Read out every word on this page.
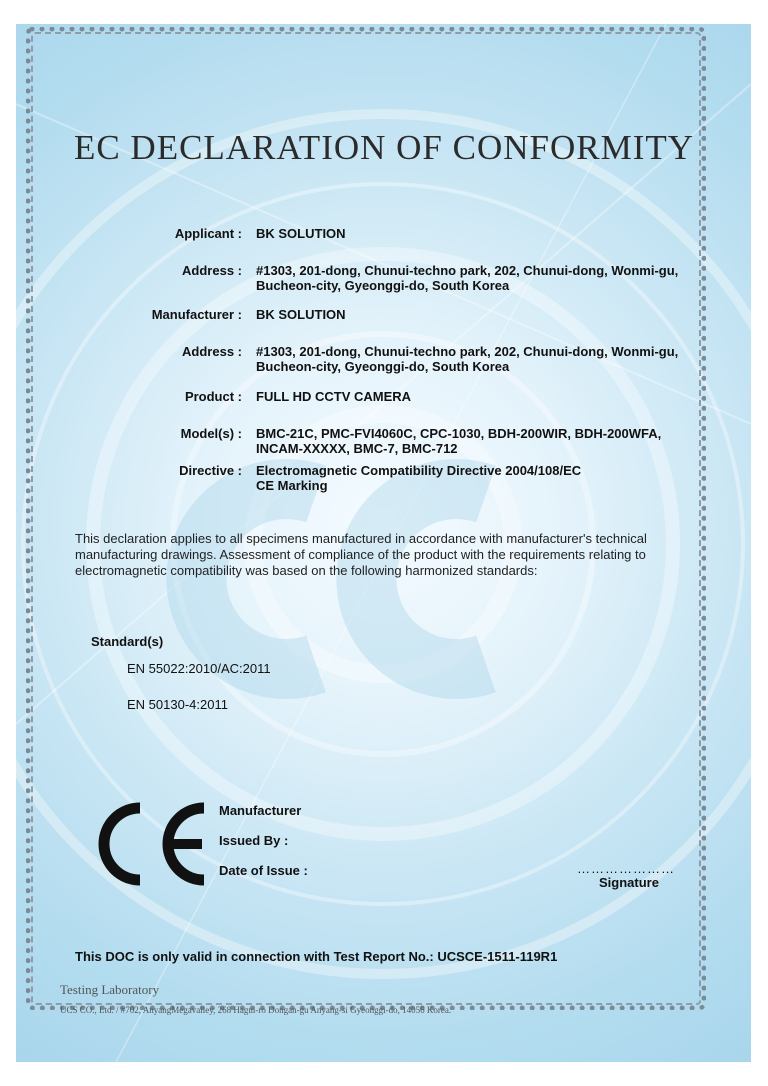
EC DECLARATION OF CONFORMITY
Applicant : BK SOLUTION
Address : #1303, 201-dong, Chunui-techno park, 202, Chunui-dong, Wonmi-gu,
Bucheon-city, Gyeonggi-do, South Korea
Manufacturer : BK SOLUTION
Address : #1303, 201-dong, Chunui-techno park, 202, Chunui-dong, Wonmi-gu,
Bucheon-city, Gyeonggi-do, South Korea
Product : FULL HD CCTV CAMERA
Model(s) : BMC-21C, PMC-FVI4060C, CPC-1030, BDH-200WIR, BDH-200WFA,
INCAM-XXXXX, BMC-7, BMC-712
Directive : Electromagnetic Compatibility Directive 2004/108/EC
CE Marking
This declaration applies to all specimens manufactured in accordance with manufacturer's technical manufacturing drawings. Assessment of compliance of the product with the requirements relating to electromagnetic compatibility was based on the following harmonized standards:
Standard(s)
EN 55022:2010/AC:2011
EN 50130-4:2011
Manufacturer
Issued By :
Date of Issue :	…………………
Signature
This DOC is only valid in connection with Test Report No.: UCSCE-1511-119R1
Testing Laboratory
UCS CO., Ltd. / #702, AnyangMegavalley, 268 Hagui-ro Dongan-gu Anyang-si Gyeonggi-do, 14056 Korea.
